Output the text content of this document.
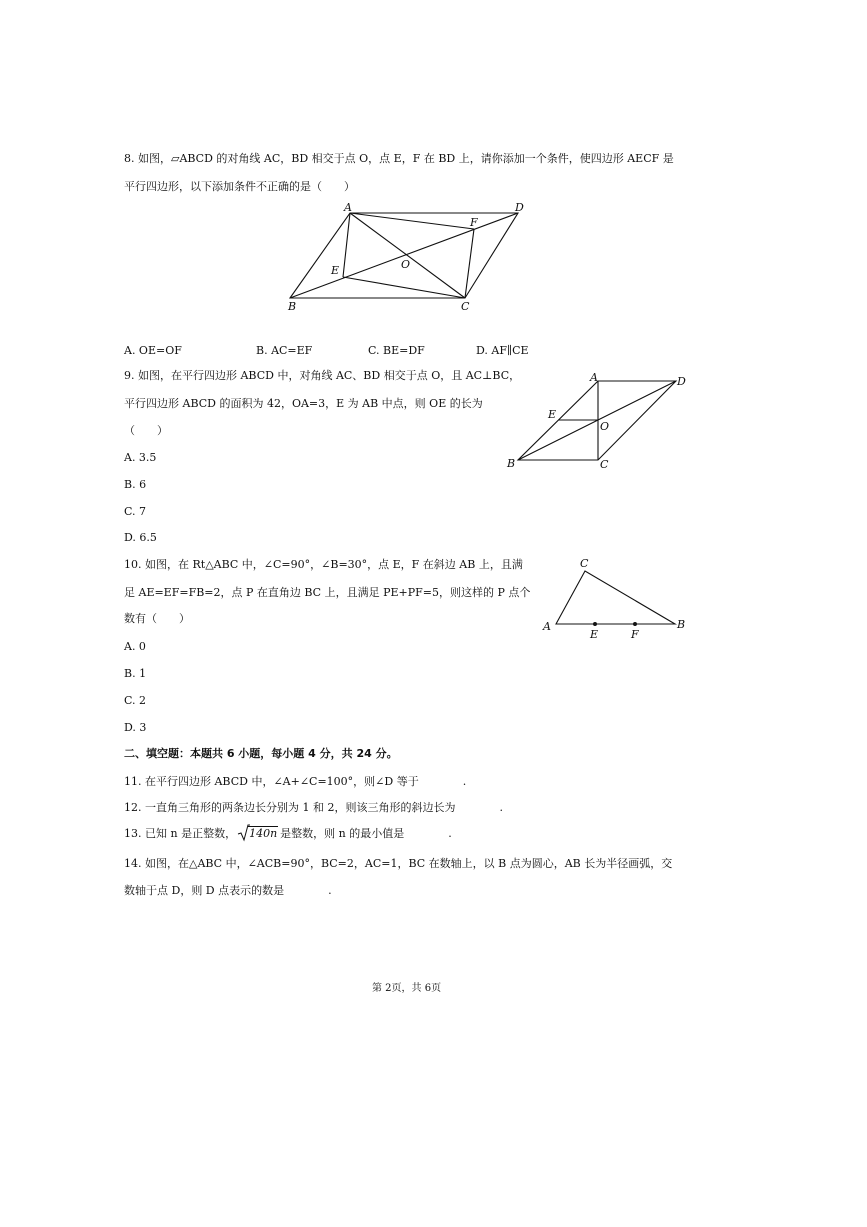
8. 如图，▱ABCD 的对角线 AC，BD 相交于点 O，点 E，F 在 BD 上，请你添加一个条件，使四边形 AECF 是
平行四边形，以下添加条件不正确的是（　　）
A	D
F
O
E
B	C
A. OE=OF	B. AC=EF	C. BE=DF	D. AF∥CE
9. 如图，在平行四边形 ABCD 中，对角线 AC、BD 相交于点 O，且 AC⊥BC，
平行四边形 ABCD 的面积为 42，OA=3，E 为 AB 中点，则 OE 的长为
（　　）
A. 3.5
B. 6
C. 7
D. 6.5
A	D
E
O
B	C
10. 如图，在 Rt△ABC 中，∠C=90°，∠B=30°，点 E，F 在斜边 AB 上，且满
足 AE=EF=FB=2，点 P 在直角边 BC 上，且满足 PE+PF=5，则这样的 P 点个
数有（　　）
A. 0
B. 1
C. 2
D. 3
C
A	B
E	F
二、填空题：本题共 6 小题，每小题 4 分，共 24 分。
11. 在平行四边形 ABCD 中，∠A+∠C=100°，则∠D 等于　　　　.
12. 一直角三角形的两条边长分别为 1 和 2，则该三角形的斜边长为　　　　.
13. 已知 n 是正整数， 140n 是整数，则 n 的最小值是　　　　.
14. 如图，在△ABC 中，∠ACB=90°，BC=2，AC=1，BC 在数轴上，以 B 点为圆心，AB 长为半径画弧，交
数轴于点 D，则 D 点表示的数是　　　　.
第 2页，共 6页
